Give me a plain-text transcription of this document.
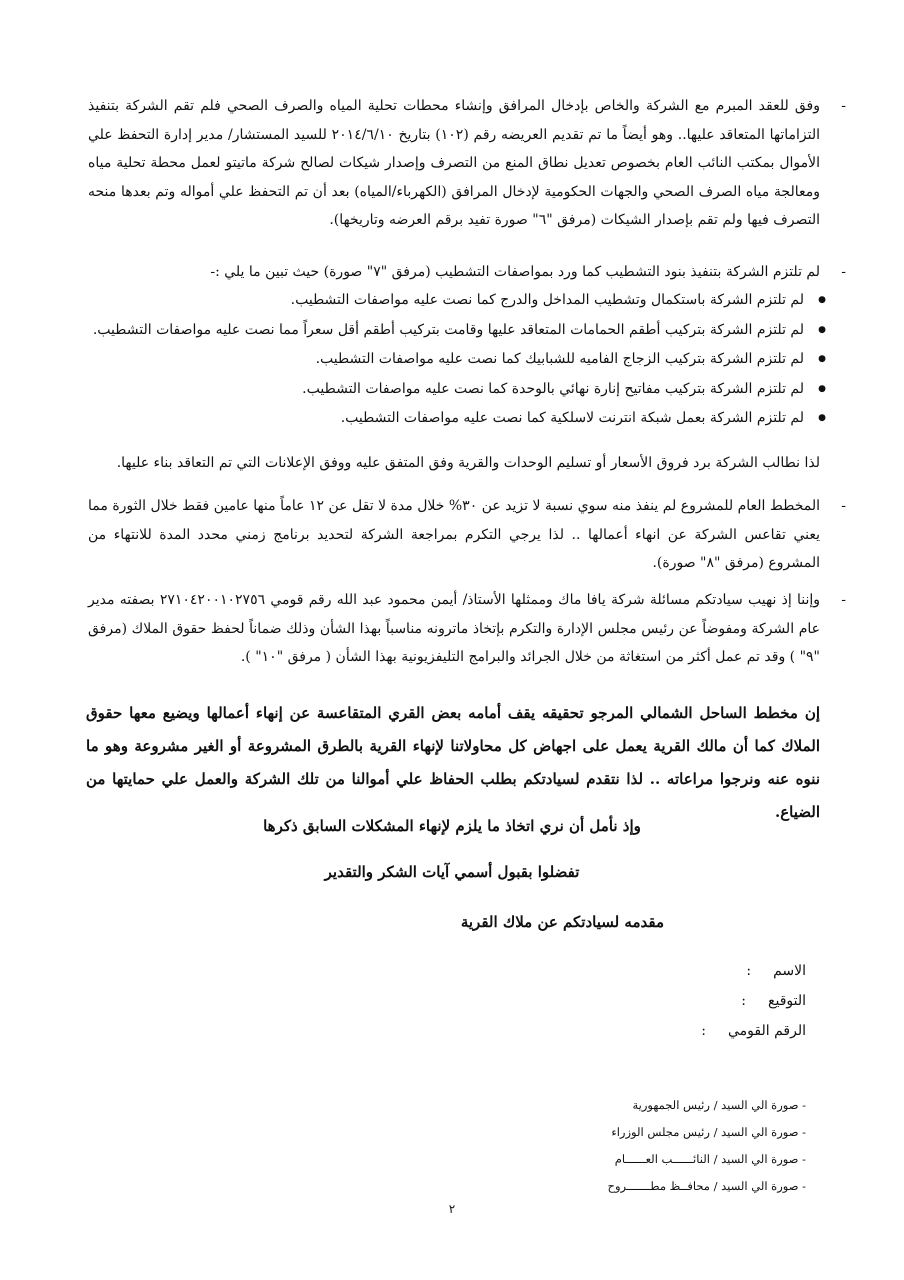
- وفق للعقد المبرم مع الشركة والخاص بإدخال المرافق وإنشاء محطات تحلية المياه والصرف الصحي فلم تقم الشركة بتنفيذ التزاماتها المتعاقد عليها.. وهو أيضاً ما تم تقديم العريضه رقم (١٠٢) بتاريخ ٢٠١٤/٦/١٠ للسيد المستشار/ مدير إدارة التحفظ علي الأموال بمكتب النائب العام بخصوص تعديل نطاق المنع من التصرف وإصدار شيكات لصالح شركة ماتيتو لعمل محطة تحلية مياه ومعالجة مياه الصرف الصحي والجهات الحكومية لإدخال المرافق (الكهرباء/المياه) بعد أن تم التحفظ علي أمواله وتم بعدها منحه التصرف فيها ولم تقم بإصدار الشيكات (مرفق "٦" صورة تفيد برقم العرضه وتاريخها).
- لم تلتزم الشركة بتنفيذ بنود التشطيب كما ورد بمواصفات التشطيب (مرفق "٧" صورة) حيث تبين ما يلي :-
● لم تلتزم الشركة باستكمال وتشطيب المداخل والدرج كما نصت عليه مواصفات التشطيب.
● لم تلتزم الشركة بتركيب أطقم الحمامات المتعاقد عليها وقامت بتركيب أطقم أقل سعراً مما نصت عليه مواصفات التشطيب.
● لم تلتزم الشركة بتركيب الزجاج الفاميه للشبابيك كما نصت عليه مواصفات التشطيب.
● لم تلتزم الشركة بتركيب مفاتيح إنارة نهائي بالوحدة كما نصت عليه مواصفات التشطيب.
● لم تلتزم الشركة بعمل شبكة انترنت لاسلكية كما نصت عليه مواصفات التشطيب.
لذا نطالب الشركة برد فروق الأسعار أو تسليم الوحدات والقرية وفق المتفق عليه ووفق الإعلانات التي تم التعاقد بناء عليها.
- المخطط العام للمشروع لم ينفذ منه سوي نسبة لا تزيد عن ٣٠% خلال مدة لا تقل عن ١٢ عاماً منها عامين فقط خلال الثورة مما يعني تقاعس الشركة عن انهاء أعمالها .. لذا يرجي التكرم بمراجعة الشركة لتحديد برنامج زمني محدد المدة للانتهاء من المشروع (مرفق "٨" صورة).
- وإننا إذ نهيب سيادتكم مسائلة شركة يافا ماك وممثلها الأستاذ/ أيمن محمود عبد الله رقم قومي ٢٧١٠٤٢٠٠١٠٢٧٥٦ بصفته مدير عام الشركة ومفوضاً عن رئيس مجلس الإدارة والتكرم بإتخاذ ماترونه مناسباً بهذا الشأن وذلك ضماناً لحفظ حقوق الملاك (مرفق "٩" ) وقد تم عمل أكثر من استغاثة من خلال الجرائد والبرامج التليفزيونية بهذا الشأن ( مرفق "١٠" ).
إن مخطط الساحل الشمالي المرجو تحقيقه يقف أمامه بعض القري المتقاعسة عن إنهاء أعمالها ويضيع معها حقوق الملاك كما أن مالك القرية يعمل على اجهاض كل محاولاتنا لإنهاء القرية بالطرق المشروعة أو الغير مشروعة وهو ما ننوه عنه ونرجوا مراعاته .. لذا نتقدم لسيادتكم بطلب الحفاظ علي أموالنا من تلك الشركة والعمل علي حمايتها من الضياع.
وإذ نأمل أن نري اتخاذ ما يلزم لإنهاء المشكلات السابق ذكرها
تفضلوا بقبول أسمي آيات الشكر والتقدير
مقدمه لسيادتكم عن ملاك القرية
الاسم:
التوقيع:
الرقم القومي:
- صورة الي السيد / رئيس الجمهورية
- صورة الي السيد / رئيس مجلس الوزراء
- صورة الي السيد / النائــــــب العــــــام
- صورة الي السيد / محافــظ مطـــــــروح
٢
